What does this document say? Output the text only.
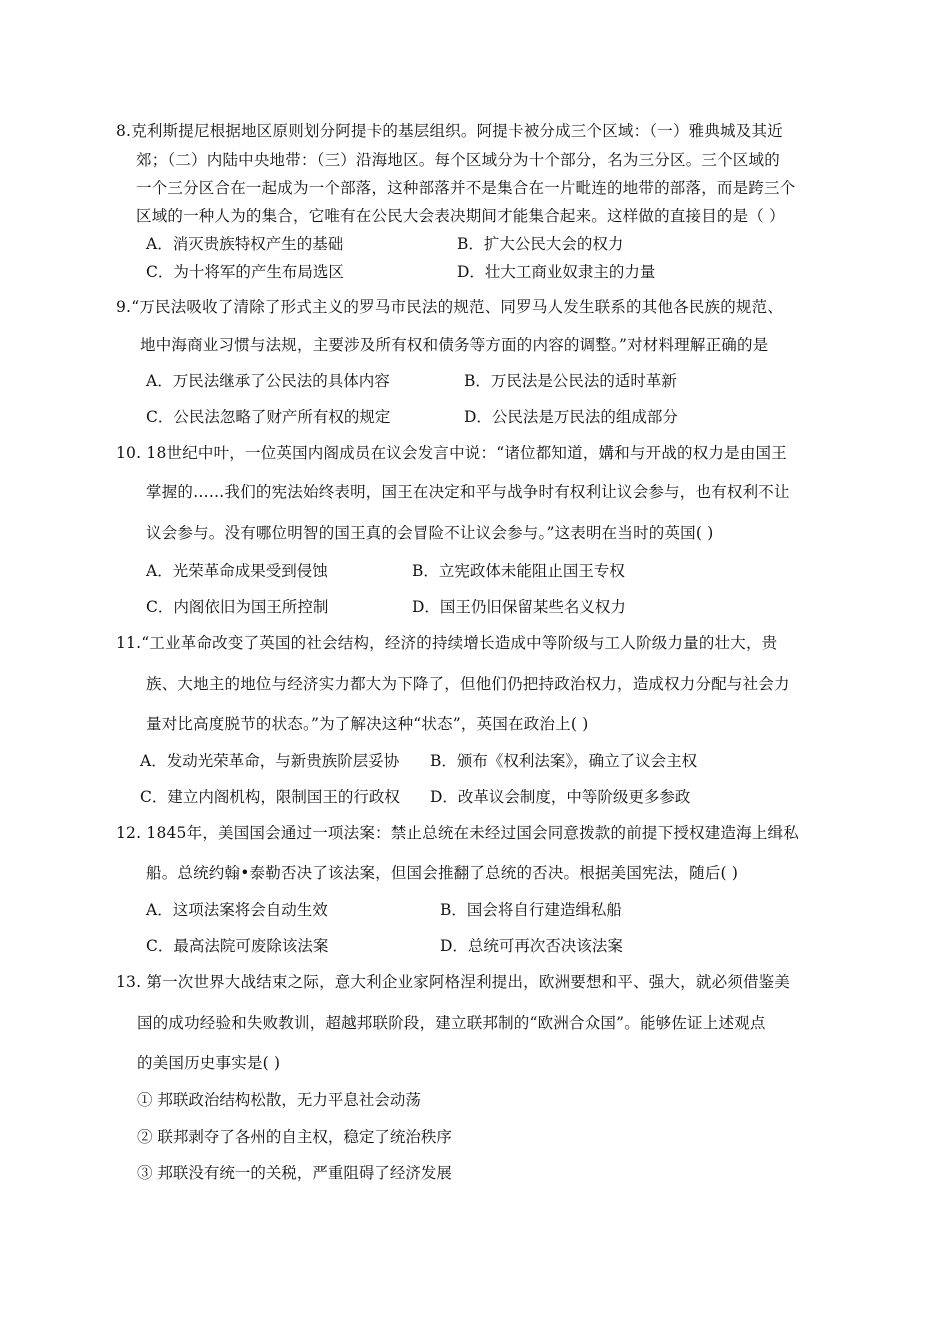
8.克利斯提尼根据地区原则划分阿提卡的基层组织。阿提卡被分成三个区域：（一）雅典城及其近
郊；（二）内陆中央地带：（三）沿海地区。每个区域分为十个部分，名为三分区。三个区域的
一个三分区合在一起成为一个部落，这种部落并不是集合在一片毗连的地带的部落，而是跨三个
区域的一种人为的集合，它唯有在公民大会表决期间才能集合起来。这样做的直接目的是（ ）
A．消灭贵族特权产生的基础	B．扩大公民大会的权力
C．为十将军的产生布局选区	D．壮大工商业奴隶主的力量
9.“万民法吸收了清除了形式主义的罗马市民法的规范、同罗马人发生联系的其他各民族的规范、
地中海商业习惯与法规，主要涉及所有权和债务等方面的内容的调整。”对材料理解正确的是
A．万民法继承了公民法的具体内容	B．万民法是公民法的适时革新
C．公民法忽略了财产所有权的规定	D．公民法是万民法的组成部分
10. 18世纪中叶，一位英国内阁成员在议会发言中说：“诸位都知道，媾和与开战的权力是由国王
掌握的……我们的宪法始终表明，国王在决定和平与战争时有权利让议会参与，也有权利不让
议会参与。没有哪位明智的国王真的会冒险不让议会参与。”这表明在当时的英国( )
A．光荣革命成果受到侵蚀	B．立宪政体未能阻止国王专权
C．内阁依旧为国王所控制	D．国王仍旧保留某些名义权力
11.“工业革命改变了英国的社会结构，经济的持续增长造成中等阶级与工人阶级力量的壮大，贵
族、大地主的地位与经济实力都大为下降了，但他们仍把持政治权力，造成权力分配与社会力
量对比高度脱节的状态。”为了解决这种“状态”，英国在政治上( )
A．发动光荣革命，与新贵族阶层妥协 B．颁布《权利法案》，确立了议会主权
C．建立内阁机构，限制国王的行政权 D．改革议会制度，中等阶级更多参政
12. 1845年，美国国会通过一项法案：禁止总统在未经过国会同意拨款的前提下授权建造海上缉私
船。总统约翰•泰勒否决了该法案，但国会推翻了总统的否决。根据美国宪法，随后( )
A．这项法案将会自动生效	B．国会将自行建造缉私船
C．最高法院可废除该法案	D．总统可再次否决该法案
13. 第一次世界大战结束之际，意大利企业家阿格涅利提出，欧洲要想和平、强大，就必须借鉴美
国的成功经验和失败教训，超越邦联阶段，建立联邦制的“欧洲合众国”。能够佐证上述观点
的美国历史事实是( )
① 邦联政治结构松散，无力平息社会动荡
② 联邦剥夺了各州的自主权，稳定了统治秩序
③ 邦联没有统一的关税，严重阻碍了经济发展
